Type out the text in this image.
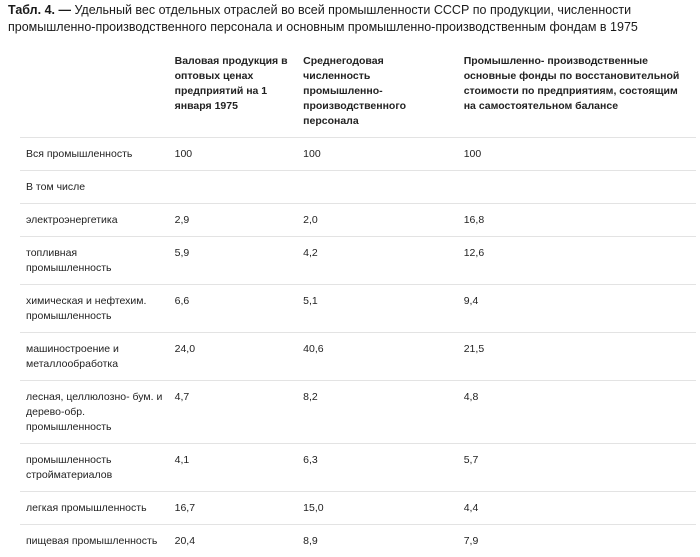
Табл. 4. — Удельный вес отдельных отраслей во всей промышленности СССР по продукции, численности промышленно-производственного персонала и основным промышленно-производственным фондам в 1975
	Валовая продукция в оптовых ценах предприятий на 1 января 1975	Среднегодовая численность промышленно-производственного персонала	Промышленно- производственные основные фонды по восстановительной стоимости по предприятиям, состоящим на самостоятельном балансе
Вся промышленность	100	100	100
В том числе			
электроэнергетика	2,9	2,0	16,8
топливная промышленность	5,9	4,2	12,6
химическая и нефтехим. промышленность	6,6	5,1	9,4
машиностроение и металлообработка	24,0	40,6	21,5
лесная, целлюлозно- бум. и дерево-обр. промышленность	4,7	8,2	4,8
промышленность стройматериалов	4,1	6,3	5,7
легкая промышленность	16,7	15,0	4,4
пищевая промышленность	20,4	8,9	7,9
